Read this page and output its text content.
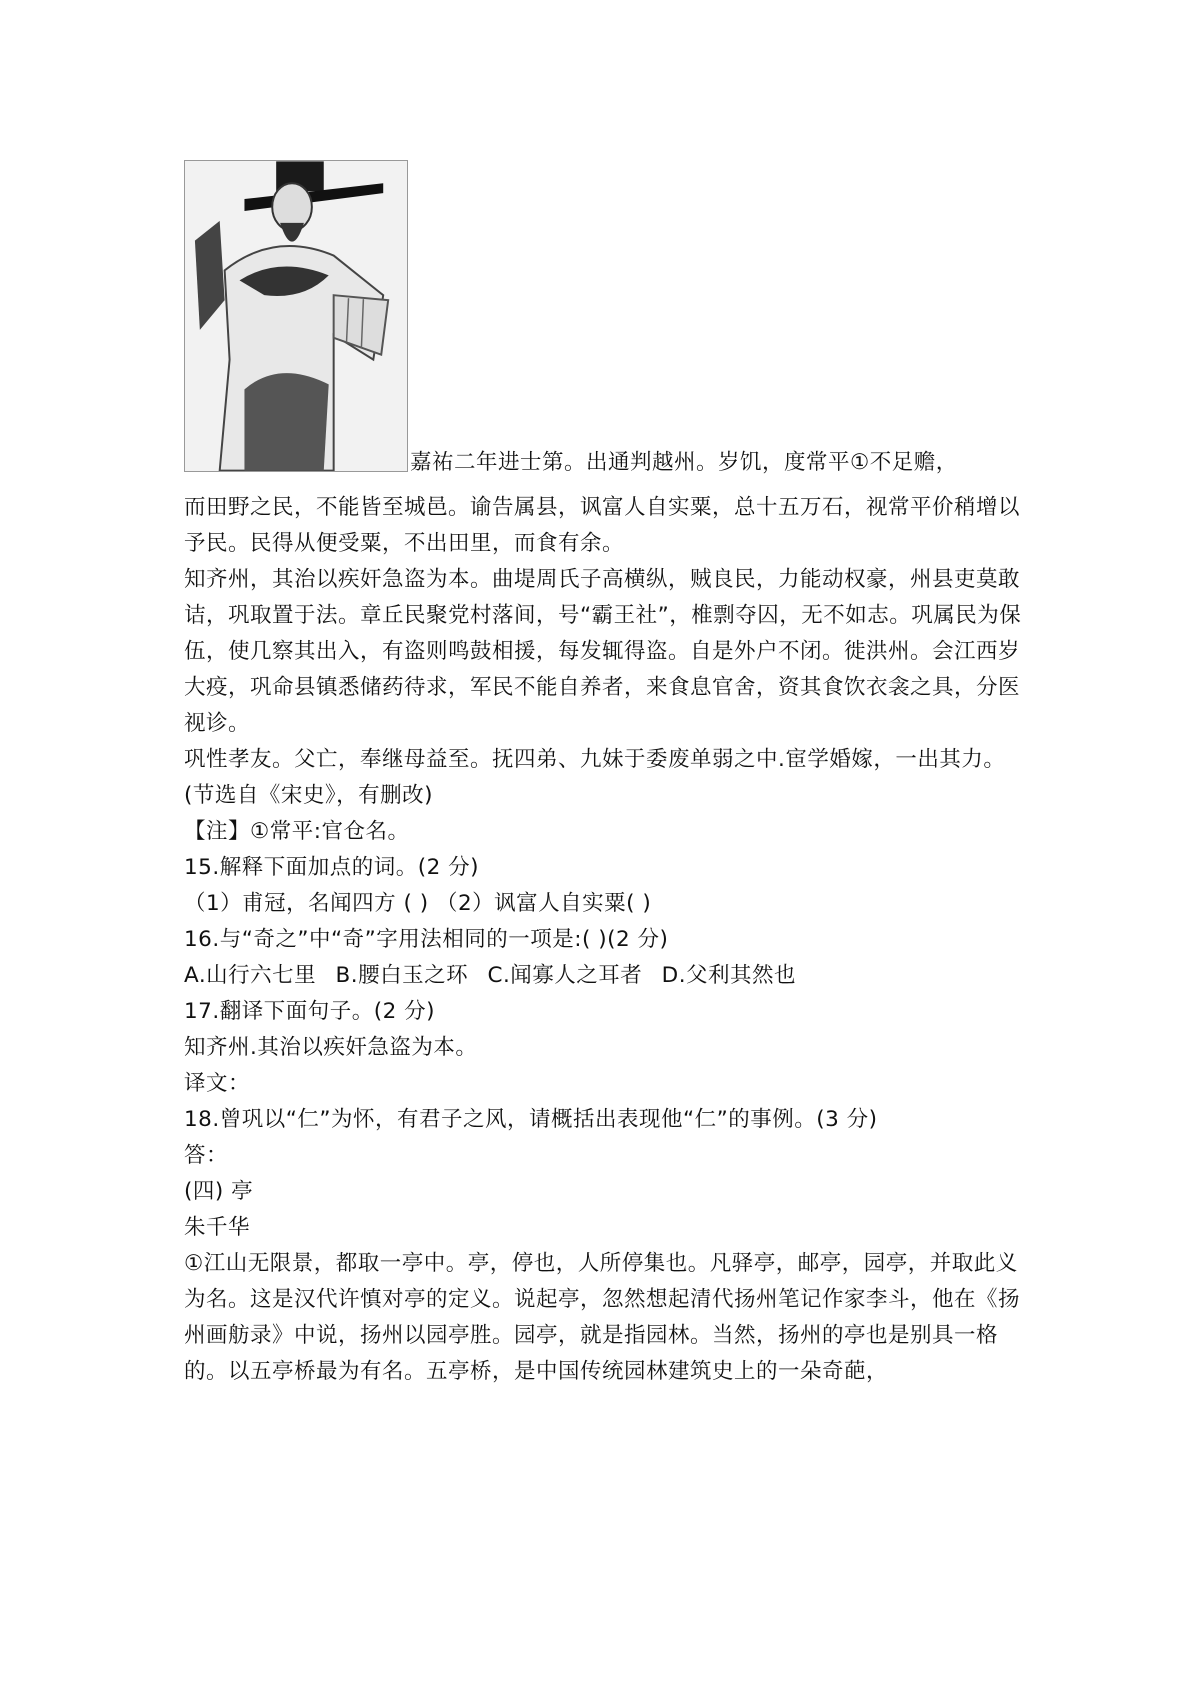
嘉祐二年进士第。出通判越州。岁饥，度常平①不足赡，

而田野之民，不能皆至城邑。谕告属县，讽富人自实粟，总十五万石，视常平价稍增以予民。民得从便受粟，不出田里，而食有余。

知齐州，其治以疾奸急盗为本。曲堤周氏子高横纵，贼良民，力能动权豪，州县吏莫敢诘，巩取置于法。章丘民聚党村落间，号“霸王社”，椎剽夺囚，无不如志。巩属民为保伍，使几察其出入，有盗则鸣鼓相援，每发辄得盗。自是外户不闭。徙洪州。会江西岁大疫，巩命县镇悉储药待求，军民不能自养者，来食息官舍，资其食饮衣衾之具，分医视诊。

巩性孝友。父亡，奉继母益至。抚四弟、九妹于委废单弱之中.宦学婚嫁，一出其力。

(节选自《宋史》，有删改)

【注】①常平:官仓名。

15.解释下面加点的词。(2 分)

（1）甫冠，名闻四方 ( ) （2）讽富人自实粟( )

16.与“奇之”中“奇”字用法相同的一项是:( )(2 分)

A.山行六七里 B.腰白玉之环 C.闻寡人之耳者 D.父利其然也

17.翻译下面句子。(2 分)

知齐州.其治以疾奸急盗为本。

译文：

18.曾巩以“仁”为怀，有君子之风，请概括出表现他“仁”的事例。(3 分)

答：

(四) 亭

朱千华

①江山无限景，都取一亭中。亭，停也，人所停集也。凡驿亭，邮亭，园亭，并取此义为名。这是汉代许慎对亭的定义。说起亭，忽然想起清代扬州笔记作家李斗，他在《扬州画舫录》中说，扬州以园亭胜。园亭，就是指园林。当然，扬州的亭也是别具一格的。以五亭桥最为有名。五亭桥，是中国传统园林建筑史上的一朵奇葩，
